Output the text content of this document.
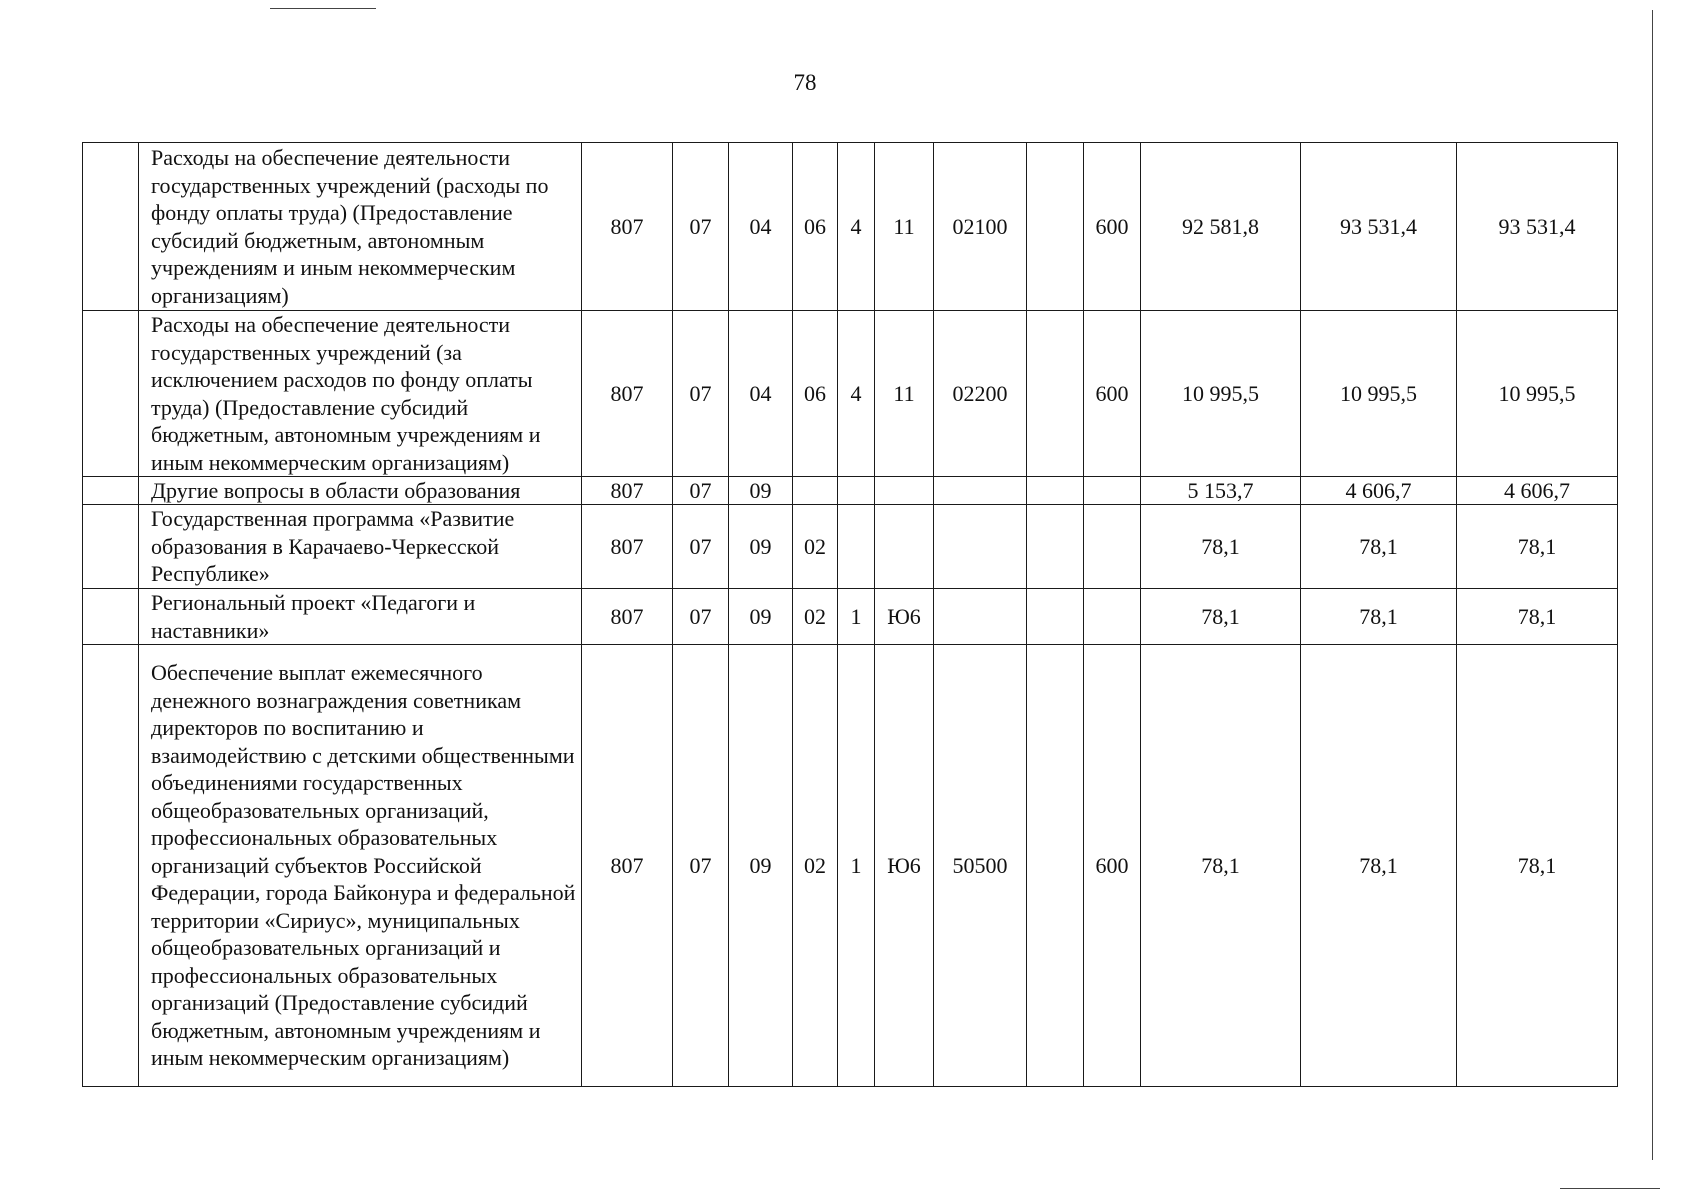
78
	Расходы на обеспечение деятельности государственных учреждений (расходы по фонду оплаты труда) (Предоставление субсидий бюджетным, автономным учреждениям и иным некоммерческим организациям)	807	07	04	06	4	11	02100		600	92 581,8	93 531,4	93 531,4
	Расходы на обеспечение деятельности государственных учреждений (за исключением расходов по фонду оплаты труда) (Предоставление субсидий бюджетным, автономным учреждениям и иным некоммерческим организациям)	807	07	04	06	4	11	02200		600	10 995,5	10 995,5	10 995,5
	Другие вопросы в области образования	807	07	09							5 153,7	4 606,7	4 606,7
	Государственная программа «Развитие образования в Карачаево-Черкесской Республике»	807	07	09	02						78,1	78,1	78,1
	Региональный проект «Педагоги и наставники»	807	07	09	02	1	Ю6				78,1	78,1	78,1
	Обеспечение выплат ежемесячного денежного вознаграждения советникам директоров по воспитанию и взаимодействию с детскими общественными объединениями государственных общеобразовательных организаций, профессиональных образовательных организаций субъектов Российской Федерации, города Байконура и федеральной территории «Сириус», муниципальных общеобразовательных организаций и профессиональных образовательных организаций (Предоставление субсидий бюджетным, автономным учреждениям и иным некоммерческим организациям)	807	07	09	02	1	Ю6	50500		600	78,1	78,1	78,1
